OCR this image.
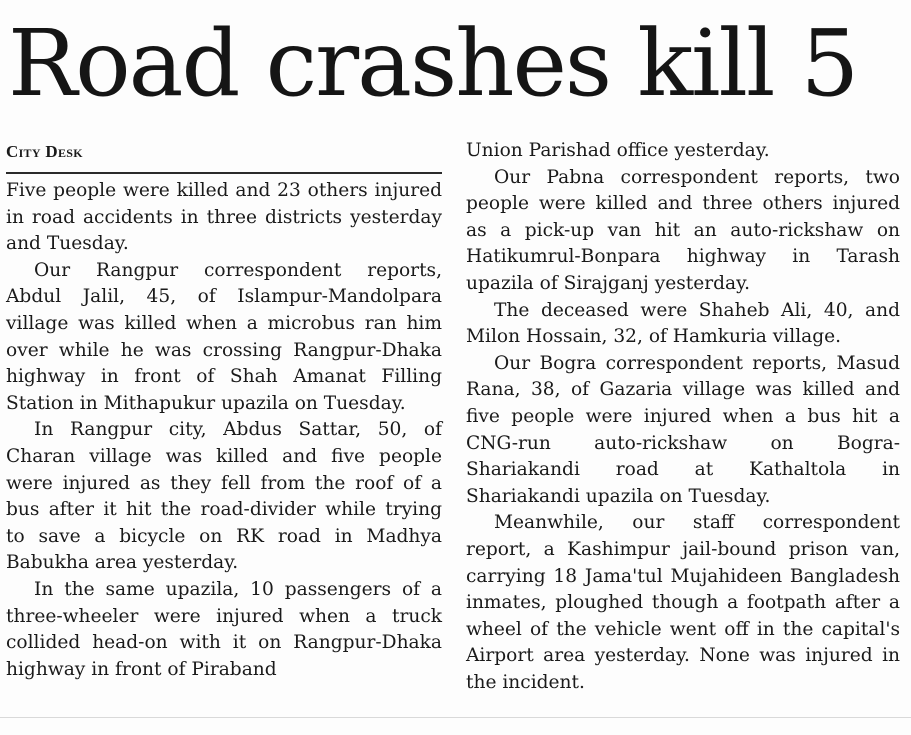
Road crashes kill 5
City Desk

Five people were killed and 23 others injured in road accidents in three districts yesterday and Tuesday.

Our Rangpur correspondent reports, Abdul Jalil, 45, of Islampur-Mandolpara village was killed when a microbus ran him over while he was crossing Rangpur-Dhaka highway in front of Shah Amanat Filling Station in Mithapukur upazila on Tuesday.

In Rangpur city, Abdus Sattar, 50, of Charan village was killed and five people were injured as they fell from the roof of a bus after it hit the road-divider while trying to save a bicycle on RK road in Madhya Babukha area yesterday.

In the same upazila, 10 passengers of a three-wheeler were injured when a truck collided head-on with it on Rangpur-Dhaka highway in front of Piraband

Union Parishad office yesterday.

Our Pabna correspondent reports, two people were killed and three others injured as a pick-up van hit an auto-rickshaw on Hatikumrul-Bonpara highway in Tarash upazila of Sirajganj yesterday.

The deceased were Shaheb Ali, 40, and Milon Hossain, 32, of Hamkuria village.

Our Bogra correspondent reports, Masud Rana, 38, of Gazaria village was killed and five people were injured when a bus hit a CNG-run auto-rickshaw on Bogra-Shariakandi road at Kathaltola in Shariakandi upazila on Tuesday.

Meanwhile, our staff correspondent report, a Kashimpur jail-bound prison van, carrying 18 Jama'tul Mujahideen Bangladesh inmates, ploughed though a footpath after a wheel of the vehicle went off in the capital's Airport area yesterday. None was injured in the incident.
